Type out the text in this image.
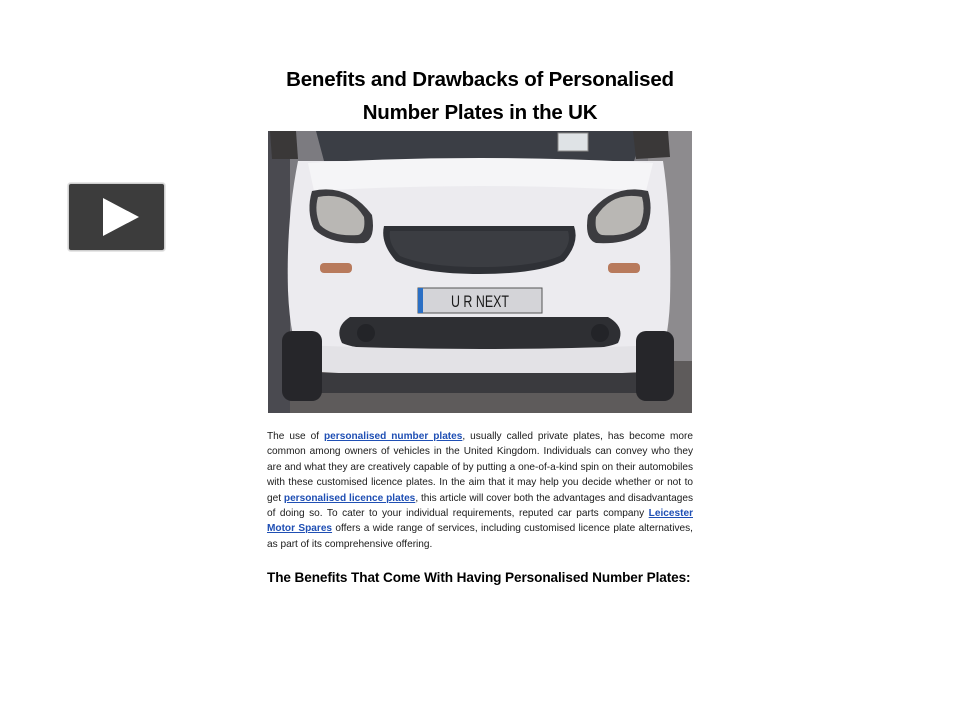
Benefits and Drawbacks of Personalised
Number Plates in the UK
U R NEXT
The use of personalised number plates, usually called private plates, has become more common among owners of vehicles in the United Kingdom. Individuals can convey who they are and what they are creatively capable of by putting a one-of-a-kind spin on their automobiles with these customised licence plates. In the aim that it may help you decide whether or not to get personalised licence plates, this article will cover both the advantages and disadvantages of doing so. To cater to your individual requirements, reputed car parts company Leicester Motor Spares offers a wide range of services, including customised licence plate alternatives, as part of its comprehensive offering.
The Benefits That Come With Having Personalised Number Plates:
